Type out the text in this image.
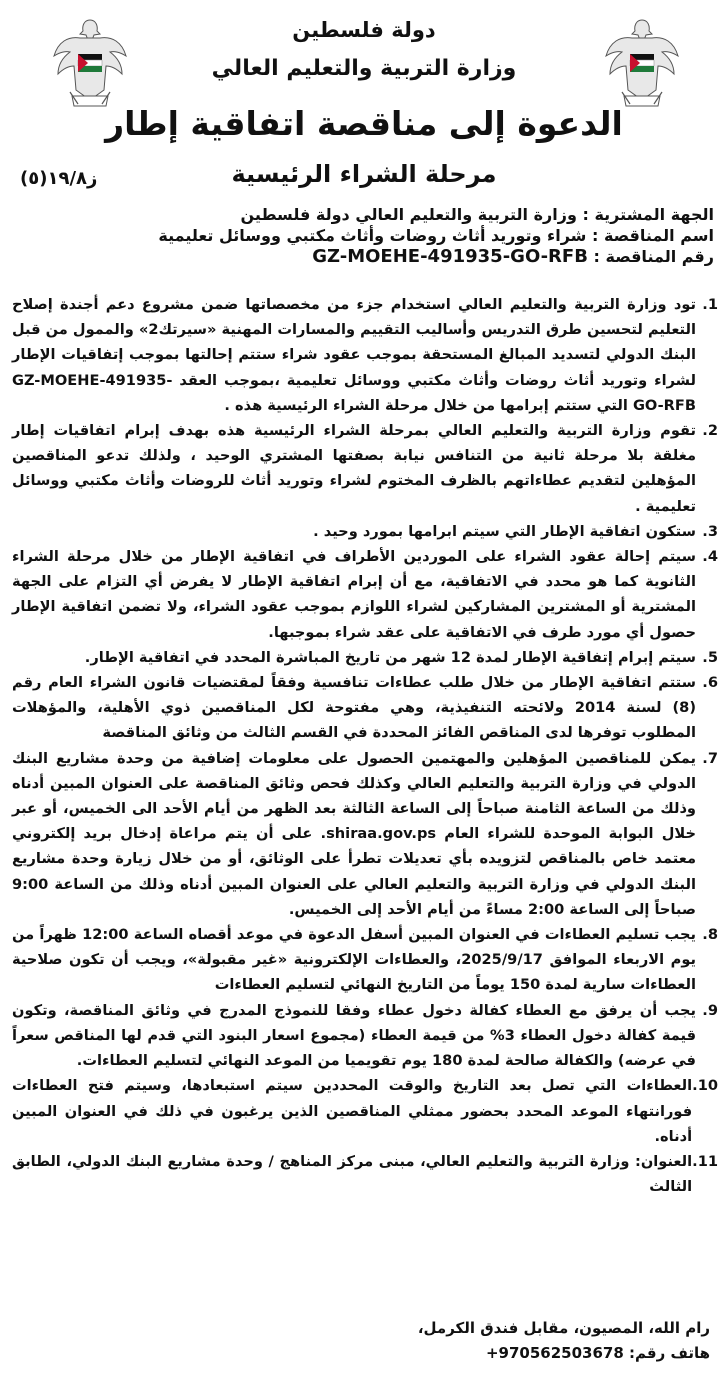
دولة فلسطين
وزارة التربية والتعليم العالي
الدعوة إلى مناقصة اتفاقية إطار
مرحلة الشراء الرئيسية
ز١٩/٨(٥)
الجهة المشترية : وزارة التربية والتعليم العالي دولة فلسطين
اسم المناقصة : شراء وتوريد أثاث روضات وأثاث مكتبي ووسائل تعليمية
رقم المناقصة : GZ-MOEHE-491935-GO-RFB
1.
تود وزارة التربية والتعليم العالي استخدام جزء من مخصصاتها ضمن مشروع دعم أجندة إصلاح التعليم لتحسين طرق التدريس وأساليب التقييم والمسارات المهنية «سيرتك2» والممول من قبل البنك الدولي لتسديد المبالغ المستحقة بموجب عقود شراء ستتم إحالتها بموجب إتفاقيات الإطار لشراء وتوريد أثاث روضات وأثاث مكتبي ووسائل تعليمية ،بموجب العقد GZ-MOEHE-491935-GO-RFB التي ستتم إبرامها من خلال مرحلة الشراء الرئيسية هذه .
2.
تقوم وزارة التربية والتعليم العالي بمرحلة الشراء الرئيسية هذه بهدف إبرام اتفاقيات إطار مغلقة بلا مرحلة ثانية من التنافس نيابة بصفتها المشتري الوحيد ، ولذلك تدعو المناقصين المؤهلين لتقديم عطاءاتهم بالظرف المختوم لشراء وتوريد أثاث للروضات وأثاث مكتبي ووسائل تعليمية .
3.
ستكون اتفاقية الإطار التي سيتم ابرامها بمورد وحيد .
4.
سيتم إحالة عقود الشراء على الموردين الأطراف في اتفاقية الإطار من خلال مرحلة الشراء الثانوية كما هو محدد في الاتفاقية، مع أن إبرام اتفاقية الإطار لا يفرض أي التزام على الجهة المشترية أو المشترين المشاركين لشراء اللوازم بموجب عقود الشراء، ولا تضمن اتفاقية الإطار حصول أي مورد طرف في الاتفاقية على عقد شراء بموجبها.
5.
سيتم إبرام إتفاقية الإطار لمدة 12 شهر من تاريخ المباشرة المحدد في اتفاقية الإطار.
6.
ستتم اتفاقية الإطار من خلال طلب عطاءات تنافسية وفقاً لمقتضيات قانون الشراء العام رقم (8) لسنة 2014 ولائحته التنفيذية، وهي مفتوحة لكل المناقصين ذوي الأهلية، والمؤهلات المطلوب توفرها لدى المناقص الفائز المحددة في القسم الثالث من وثائق المناقصة
7.
يمكن للمناقصين المؤهلين والمهتمين الحصول على معلومات إضافية من وحدة مشاريع البنك الدولي في وزارة التربية والتعليم العالي وكذلك فحص وثائق المناقصة على العنوان المبين أدناه وذلك من الساعة الثامنة صباحاً إلى الساعة الثالثة بعد الظهر من أيام الأحد الى الخميس، أو عبر خلال البوابة الموحدة للشراء العام shiraa.gov.ps. على أن يتم مراعاة إدخال بريد إلكتروني معتمد خاص بالمناقص لتزويده بأي تعديلات تطرأ على الوثائق، أو من خلال زيارة وحدة مشاريع البنك الدولي في وزارة التربية والتعليم العالي على العنوان المبين أدناه وذلك من الساعة 9:00 صباحاً إلى الساعة 2:00 مساءً من أيام الأحد إلى الخميس.
8.
يجب تسليم العطاءات في العنوان المبين أسفل الدعوة في موعد أقصاه الساعة 12:00 ظهراً من يوم الاربعاء الموافق 2025/9/17، والعطاءات الإلكترونية «غير مقبولة»، ويجب أن تكون صلاحية العطاءات سارية لمدة 150 يوماً من التاريخ النهائي لتسليم العطاءات
9.
يجب أن يرفق مع العطاء كفالة دخول عطاء وفقا للنموذج المدرج في وثائق المناقصة، وتكون قيمة كفالة دخول العطاء 3% من قيمة العطاء (مجموع اسعار البنود التي قدم لها المناقص سعراً في عرضه) والكفالة صالحة لمدة 180 يوم تقويميا من الموعد النهائي لتسليم العطاءات.
10.
العطاءات التي تصل بعد التاريخ والوقت المحددين سيتم استبعادها، وسيتم فتح العطاءات فورانتهاء الموعد المحدد بحضور ممثلي المناقصين الذين يرغبون في ذلك في العنوان المبين أدناه.
11.
العنوان: وزارة التربية والتعليم العالي، مبنى مركز المناهج / وحدة مشاريع البنك الدولي، الطابق الثالث
رام الله، المصيون، مقابل فندق الكرمل،
هاتف رقم: +970562503678
